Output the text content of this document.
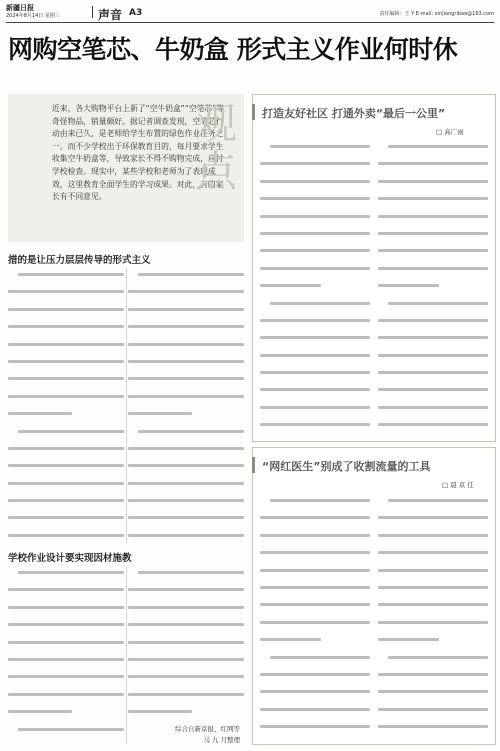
新疆日报
2024年8月14日 星期三	声音 A3	责任编辑：王 Y E-mail: xinjiangribao@163.com
网购空笔芯、牛奶盒 形式主义作业何时休
近来，各大购物平台上新了“空牛奶盒”“空笔芯”等奇怪物品，销量颇好。据记者调查发现，空笔芯行动由来已久，是老师给学生布置的绿色作业任务之一。而不少学校出于环保教育目的，每月要求学生收集空牛奶盒等，导致家长不得不购物完成，应付学校检查。现实中，某些学校和老师为了表现成效，这里教育全面学生的学习成果。对此，有的家长有不同意见。
观点
措的是让压力层层传导的形式主义
学校作业设计要实现因材施教
综合自新京报、红网等
马 九 月整理
打造友好社区 打通外卖“最后一公里”
□ 高广雨
“网红医生”别成了收割流量的工具
□ 晨 京 任
